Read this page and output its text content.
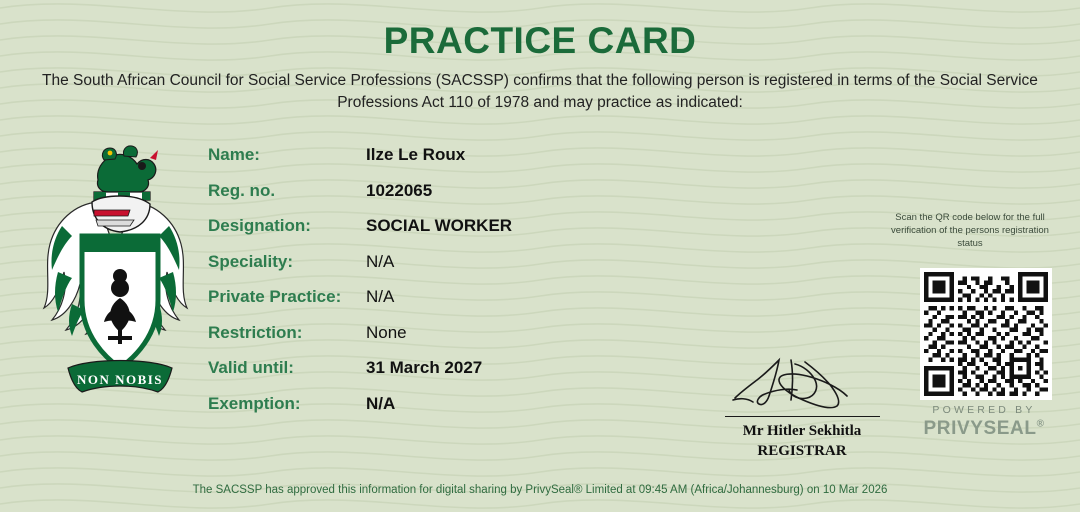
PRACTICE CARD
The South African Council for Social Service Professions (SACSSP) confirms that the following person is registered in terms of the Social Service Professions Act 110 of 1978 and may practice as indicated:
NON NOBIS
Name:	Ilze Le Roux
Reg. no.	1022065
Designation:	SOCIAL WORKER
Speciality:	N/A
Private Practice:	N/A
Restriction:	None
Valid until:	31 March 2027
Exemption:	N/A
Scan the QR code below for the full verification of the persons registration status
POWERED BY
PRIVYSEAL®
Mr Hitler Sekhitla
REGISTRAR
The SACSSP has approved this information for digital sharing by PrivySeal® Limited at 09:45 AM (Africa/Johannesburg) on 10 Mar 2026
